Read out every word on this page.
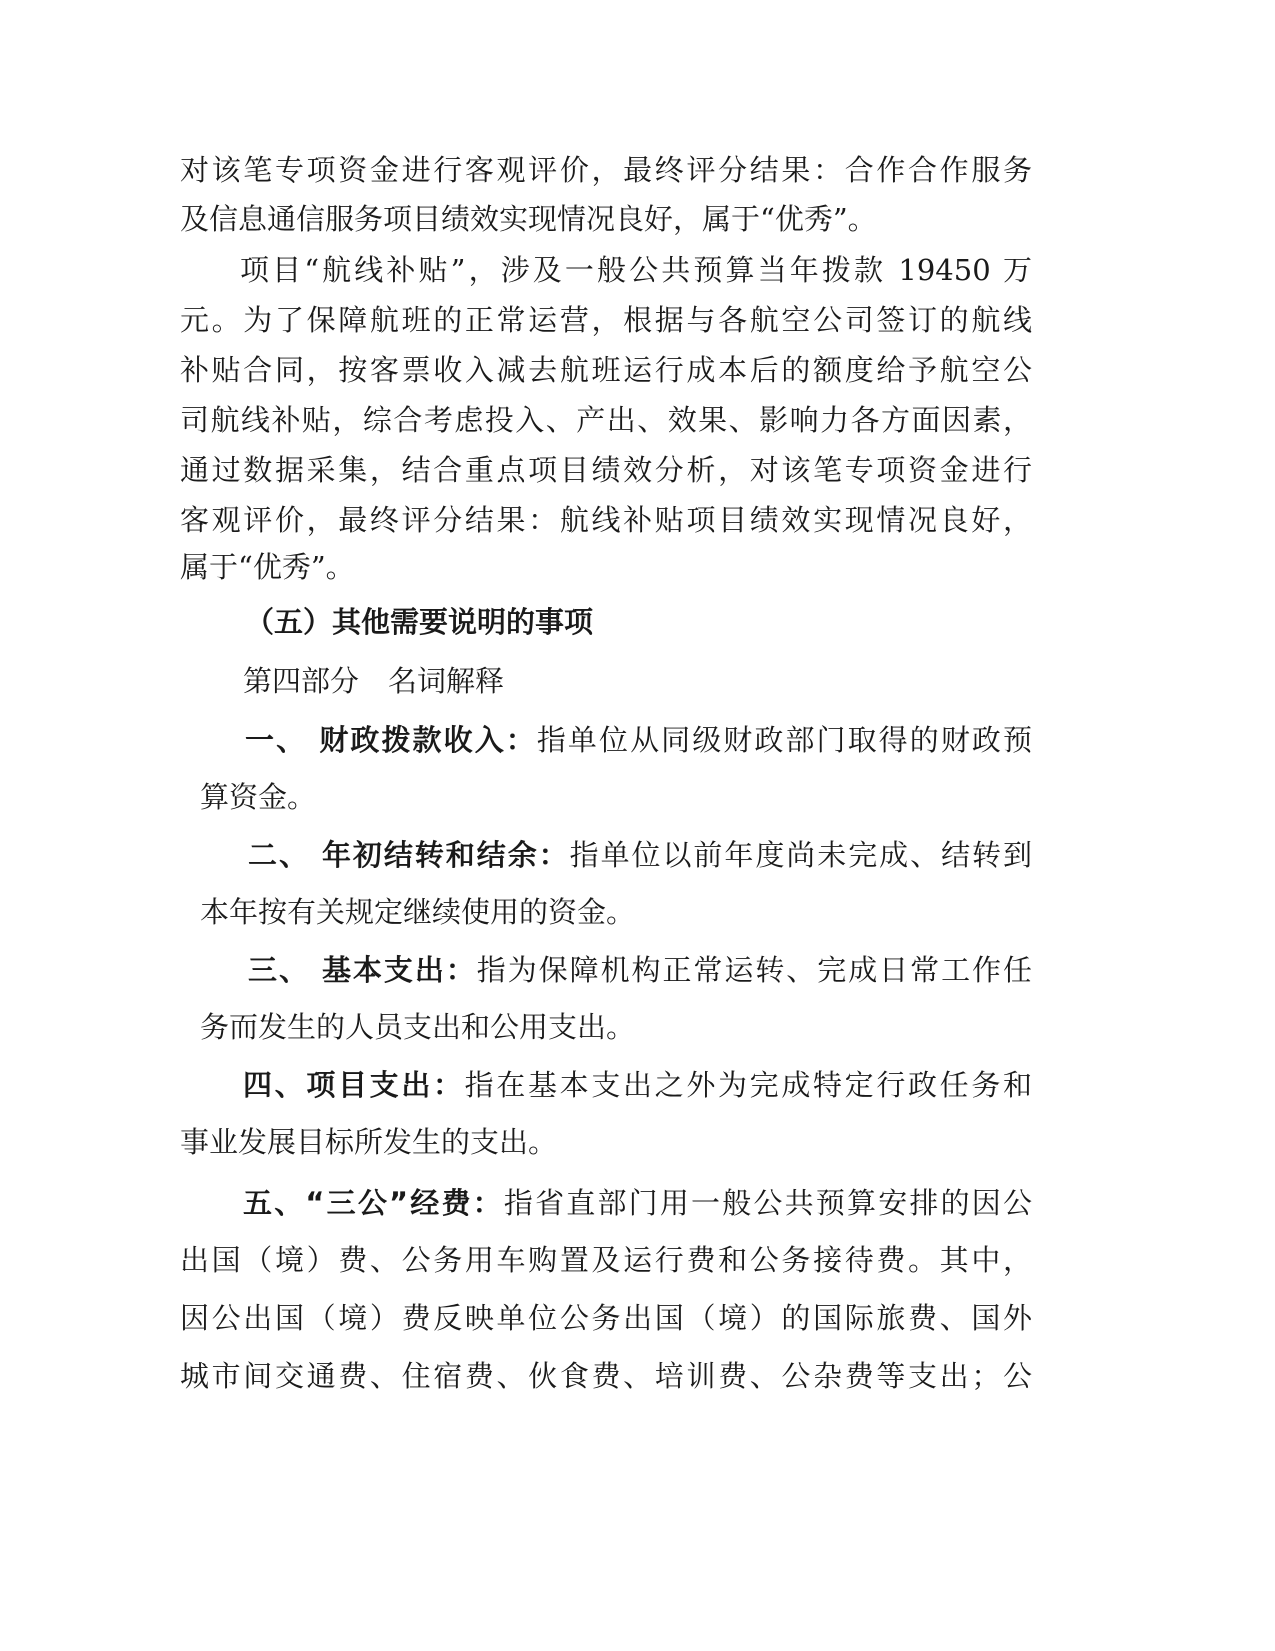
对该笔专项资金进行客观评价，最终评分结果：合作合作服务
及信息通信服务项目绩效实现情况良好，属于“优秀”。
项目“航线补贴”，涉及一般公共预算当年拨款 19450 万
元。为了保障航班的正常运营，根据与各航空公司签订的航线
补贴合同，按客票收入减去航班运行成本后的额度给予航空公
司航线补贴，综合考虑投入、产出、效果、影响力各方面因素，
通过数据采集，结合重点项目绩效分析，对该笔专项资金进行
客观评价，最终评分结果：航线补贴项目绩效实现情况良好，
属于“优秀”。
（五）其他需要说明的事项
第四部分　名词解释
一、 财政拨款收入：指单位从同级财政部门取得的财政预
算资金。
二、 年初结转和结余：指单位以前年度尚未完成、结转到
本年按有关规定继续使用的资金。
三、 基本支出：指为保障机构正常运转、完成日常工作任
务而发生的人员支出和公用支出。
四、项目支出：指在基本支出之外为完成特定行政任务和
事业发展目标所发生的支出。
五、“三公”经费：指省直部门用一般公共预算安排的因公
出国（境）费、公务用车购置及运行费和公务接待费。其中，
因公出国（境）费反映单位公务出国（境）的国际旅费、国外
城市间交通费、住宿费、伙食费、培训费、公杂费等支出；公
